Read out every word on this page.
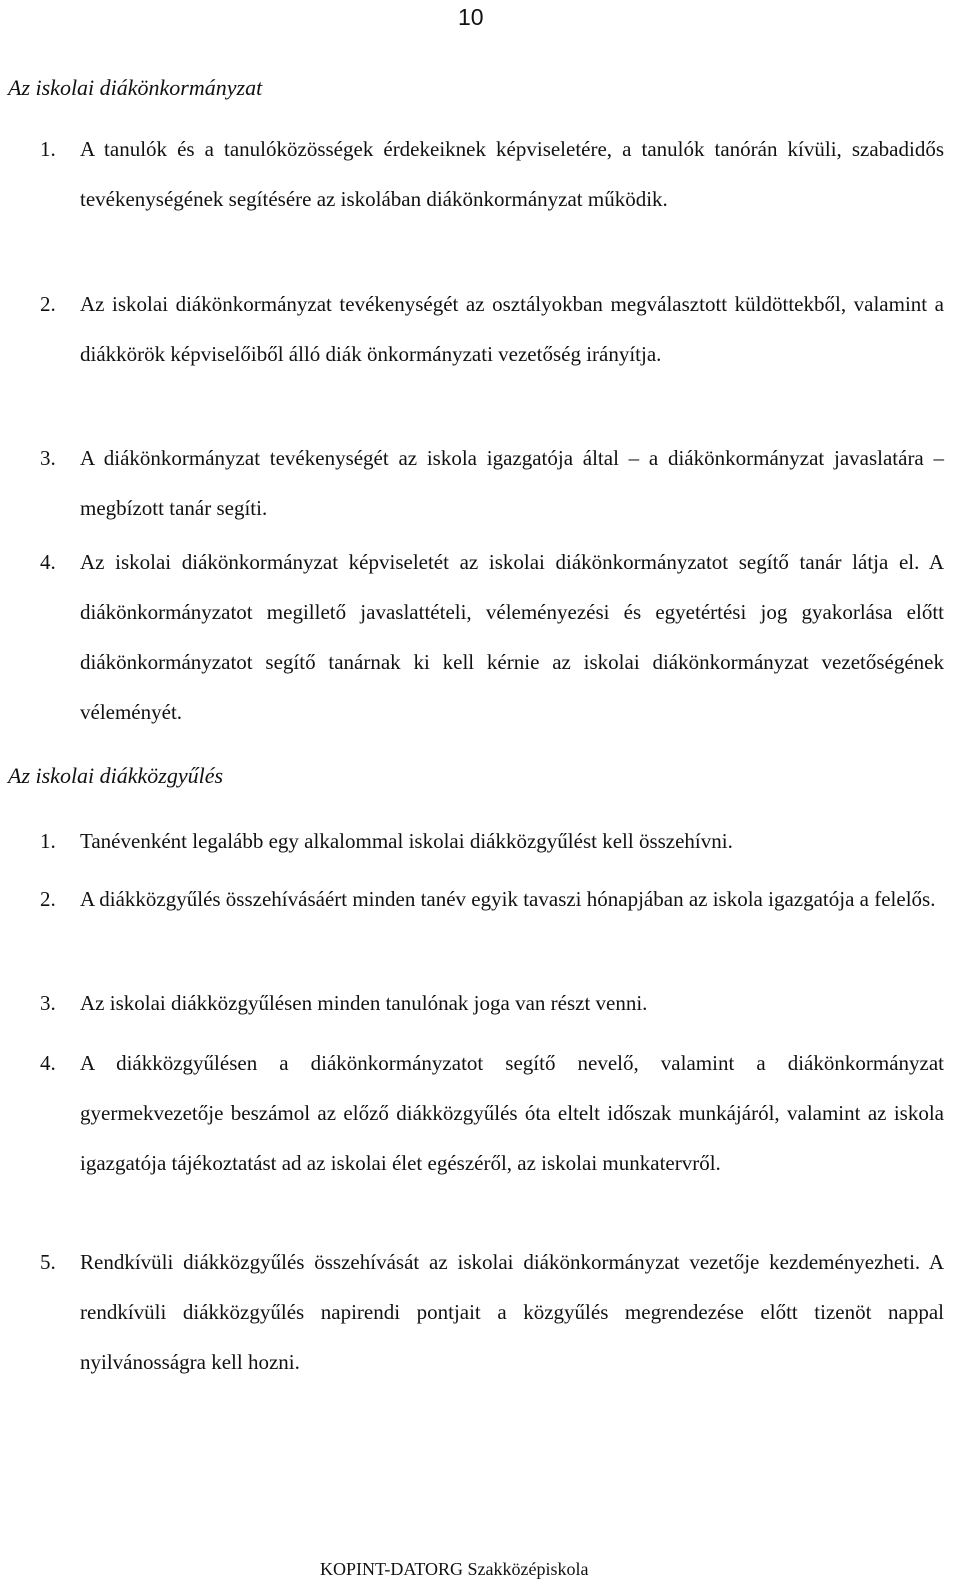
10
Az iskolai diákönkormányzat
1. A tanulók és a tanulóközösségek érdekeiknek képviseletére, a tanulók tanórán kívüli, szabadidős tevékenységének segítésére az iskolában diákönkormányzat működik.
2. Az iskolai diákönkormányzat tevékenységét az osztályokban megválasztott küldöttekből, valamint a diákkörök képviselőiből álló diák önkormányzati vezetőség irányítja.
3. A diákönkormányzat tevékenységét az iskola igazgatója által – a diákönkormányzat javaslatára –megbízott tanár segíti.
4. Az iskolai diákönkormányzat képviseletét az iskolai diákönkormányzatot segítő tanár látja el. A diákönkormányzatot megillető javaslattételi, véleményezési és egyetértési jog gyakorlása előtt diákönkormányzatot segítő tanárnak ki kell kérnie az iskolai diákönkormányzat vezetőségének véleményét.
Az iskolai diákközgyűlés
1. Tanévenként legalább egy alkalommal iskolai diákközgyűlést kell összehívni.
2. A diákközgyűlés összehívásáért minden tanév egyik tavaszi hónapjában az iskola igazgatója a felelős.
3. Az iskolai diákközgyűlésen minden tanulónak joga van részt venni.
4. A diákközgyűlésen a diákönkormányzatot segítő nevelő, valamint a diákönkormányzat gyermekvezetője beszámol az előző diákközgyűlés óta eltelt időszak munkájáról, valamint az iskola igazgatója tájékoztatást ad az iskolai élet egészéről, az iskolai munkatervről.
5. Rendkívüli diákközgyűlés összehívását az iskolai diákönkormányzat vezetője kezdeményezheti. A rendkívüli diákközgyűlés napirendi pontjait a közgyűlés megrendezése előtt tizenöt nappal nyilvánosságra kell hozni.
KOPINT-DATORG Szakközépiskola
